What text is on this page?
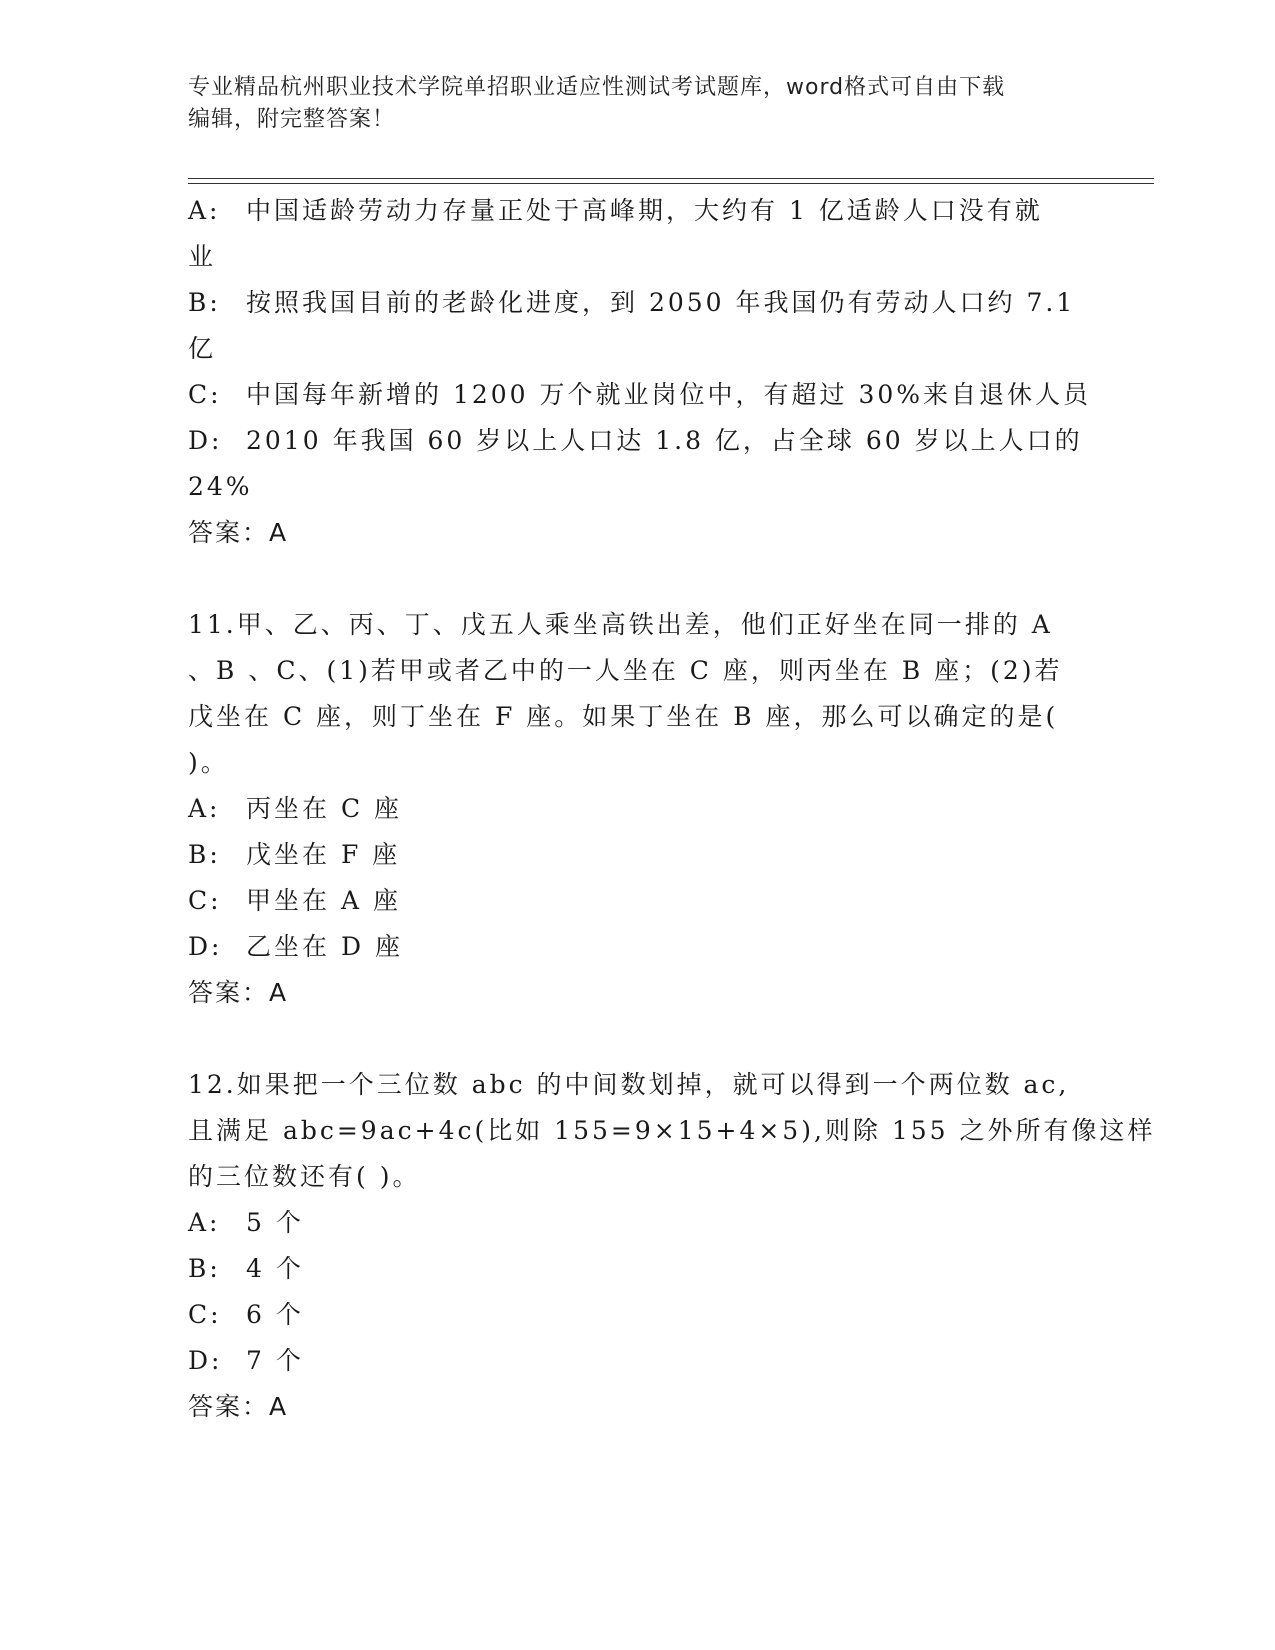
专业精品杭州职业技术学院单招职业适应性测试考试题库，word格式可自由下载
编辑，附完整答案！
A:	中国适龄劳动力存量正处于高峰期，大约有 1 亿适龄人口没有就
业
B:	按照我国目前的老龄化进度，到 2050 年我国仍有劳动人口约 7.1
亿
C: 中国每年新增的 1200 万个就业岗位中，有超过 30%来自退休人员
D: 2010 年我国 60 岁以上人口达 1.8 亿，占全球 60 岁以上人口的
24%
答案：A
11.甲、乙、丙、丁、戊五人乘坐高铁出差，他们正好坐在同一排的 A
、B 、C、(1)若甲或者乙中的一人坐在 C 座，则丙坐在 B 座；(2)若
戊坐在 C 座，则丁坐在 F 座。如果丁坐在 B 座，那么可以确定的是(
)。
A:	丙坐在 C 座
B:	戊坐在 F 座
C: 甲坐在 A 座
D: 乙坐在 D 座
答案：A
12.如果把一个三位数 abc 的中间数划掉，就可以得到一个两位数 ac,
且满足 abc=9ac+4c(比如 155=9×15+4×5),则除 155 之外所有像这样
的三位数还有( )。
A:	5 个
B:	4 个
C: 6 个
D: 7 个
答案：A
